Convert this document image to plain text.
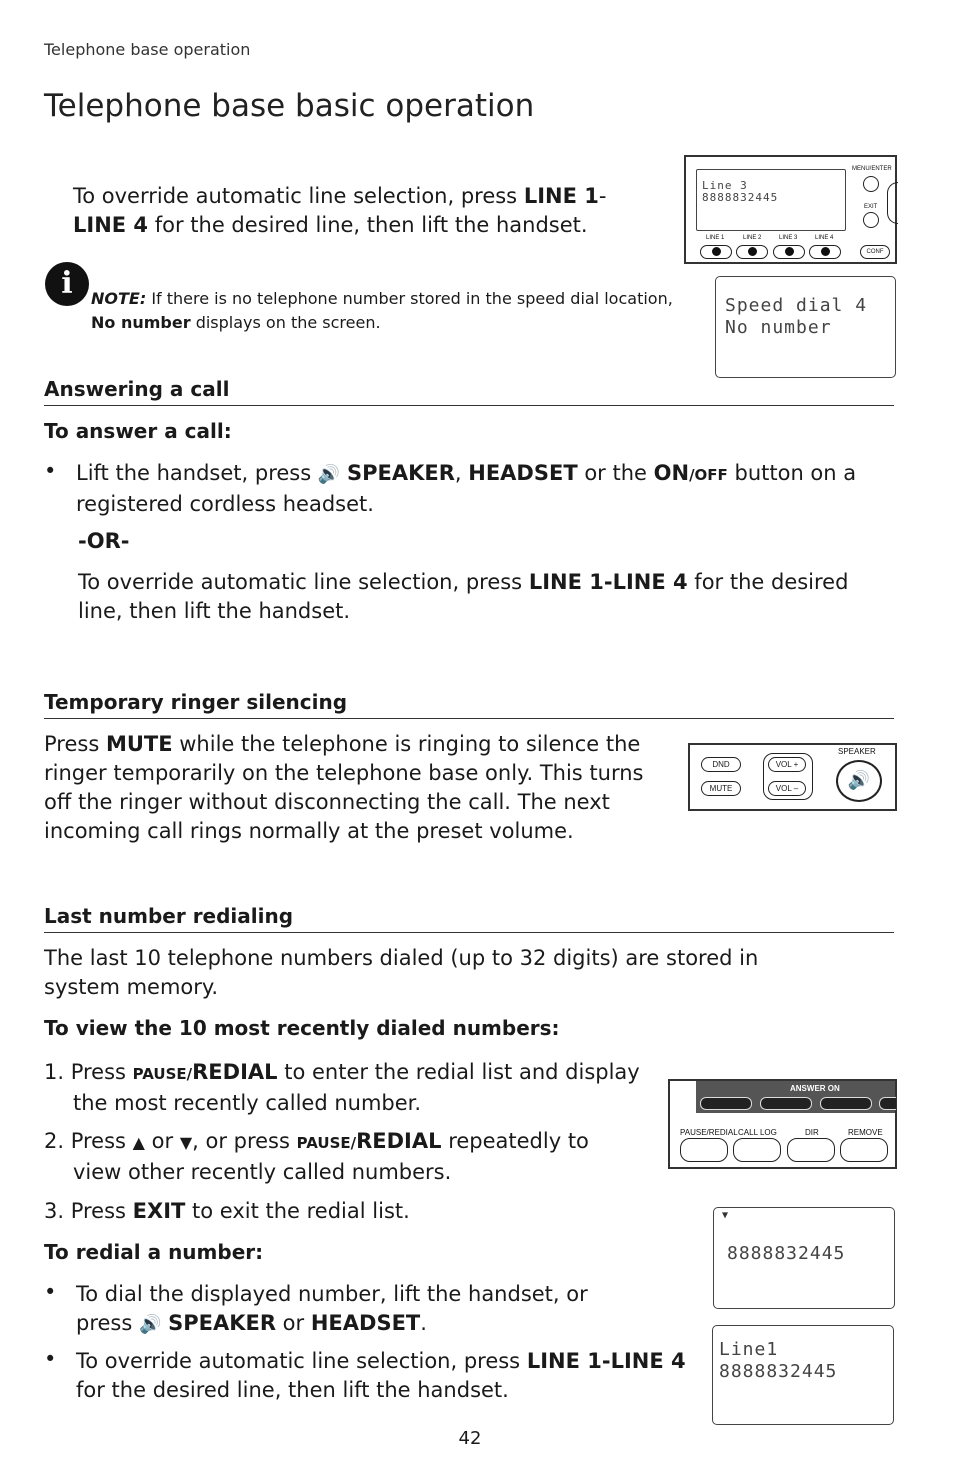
Telephone base operation
Telephone base basic operation
To override automatic line selection, press LINE 1-
LINE 4 for the desired line, then lift the handset.
Line 3
8888832445
MENU/ENTER
EXIT
LINE 1	LINE 2	LINE 3	LINE 4
CONF
i	NOTE: If there is no telephone number stored in the speed dial location,
No number displays on the screen.
Speed dial 4
No number
Answering a call
To answer a call:
• Lift the handset, press 🔊 SPEAKER, HEADSET or the ON/OFF button on a
registered cordless headset.
-OR-
To override automatic line selection, press LINE 1-LINE 4 for the desired
line, then lift the handset.
Temporary ringer silencing
Press MUTE while the telephone is ringing to silence the
ringer temporarily on the telephone base only. This turns
off the ringer without disconnecting the call. The next
incoming call rings normally at the preset volume.
DND
MUTE
VOL +
VOL –
SPEAKER
🔊
Last number redialing
The last 10 telephone numbers dialed (up to 32 digits) are stored in
system memory.
To view the 10 most recently dialed numbers:
1. Press PAUSE/REDIAL to enter the redial list and display
the most recently called number.
2. Press ▲ or ▼, or press PAUSE/REDIAL repeatedly to
view other recently called numbers.
3. Press EXIT to exit the redial list.
To redial a number:
• To dial the displayed number, lift the handset, or
press 🔊 SPEAKER or HEADSET.
• To override automatic line selection, press LINE 1-LINE 4
for the desired line, then lift the handset.
ANSWER ON
PAUSE/REDIAL CALL LOG	DIR	REMOVE
▼
8888832445
Line1
8888832445
42
